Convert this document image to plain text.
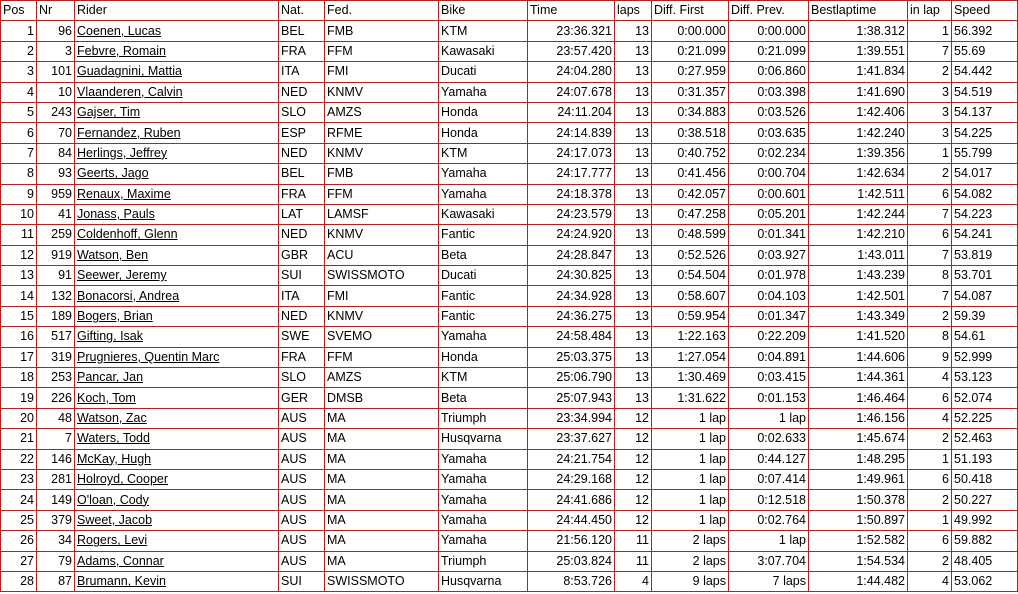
Pos	Nr	Rider	Nat.	Fed.	Bike	Time	laps	Diff. First	Diff. Prev.	Bestlaptime	in lap	Speed
1	96	Coenen, Lucas	BEL	FMB	KTM	23:36.321	13	0:00.000	0:00.000	1:38.312	1	56.392
2	3	Febvre, Romain	FRA	FFM	Kawasaki	23:57.420	13	0:21.099	0:21.099	1:39.551	7	55.69
3	101	Guadagnini, Mattia	ITA	FMI	Ducati	24:04.280	13	0:27.959	0:06.860	1:41.834	2	54.442
4	10	Vlaanderen, Calvin	NED	KNMV	Yamaha	24:07.678	13	0:31.357	0:03.398	1:41.690	3	54.519
5	243	Gajser, Tim	SLO	AMZS	Honda	24:11.204	13	0:34.883	0:03.526	1:42.406	3	54.137
6	70	Fernandez, Ruben	ESP	RFME	Honda	24:14.839	13	0:38.518	0:03.635	1:42.240	3	54.225
7	84	Herlings, Jeffrey	NED	KNMV	KTM	24:17.073	13	0:40.752	0:02.234	1:39.356	1	55.799
8	93	Geerts, Jago	BEL	FMB	Yamaha	24:17.777	13	0:41.456	0:00.704	1:42.634	2	54.017
9	959	Renaux, Maxime	FRA	FFM	Yamaha	24:18.378	13	0:42.057	0:00.601	1:42.511	6	54.082
10	41	Jonass, Pauls	LAT	LAMSF	Kawasaki	24:23.579	13	0:47.258	0:05.201	1:42.244	7	54.223
11	259	Coldenhoff, Glenn	NED	KNMV	Fantic	24:24.920	13	0:48.599	0:01.341	1:42.210	6	54.241
12	919	Watson, Ben	GBR	ACU	Beta	24:28.847	13	0:52.526	0:03.927	1:43.011	7	53.819
13	91	Seewer, Jeremy	SUI	SWISSMOTO	Ducati	24:30.825	13	0:54.504	0:01.978	1:43.239	8	53.701
14	132	Bonacorsi, Andrea	ITA	FMI	Fantic	24:34.928	13	0:58.607	0:04.103	1:42.501	7	54.087
15	189	Bogers, Brian	NED	KNMV	Fantic	24:36.275	13	0:59.954	0:01.347	1:43.349	2	59.39
16	517	Gifting, Isak	SWE	SVEMO	Yamaha	24:58.484	13	1:22.163	0:22.209	1:41.520	8	54.61
17	319	Prugnieres, Quentin Marc	FRA	FFM	Honda	25:03.375	13	1:27.054	0:04.891	1:44.606	9	52.999
18	253	Pancar, Jan	SLO	AMZS	KTM	25:06.790	13	1:30.469	0:03.415	1:44.361	4	53.123
19	226	Koch, Tom	GER	DMSB	Beta	25:07.943	13	1:31.622	0:01.153	1:46.464	6	52.074
20	48	Watson, Zac	AUS	MA	Triumph	23:34.994	12	1 lap	1 lap	1:46.156	4	52.225
21	7	Waters, Todd	AUS	MA	Husqvarna	23:37.627	12	1 lap	0:02.633	1:45.674	2	52.463
22	146	McKay, Hugh	AUS	MA	Yamaha	24:21.754	12	1 lap	0:44.127	1:48.295	1	51.193
23	281	Holroyd, Cooper	AUS	MA	Yamaha	24:29.168	12	1 lap	0:07.414	1:49.961	6	50.418
24	149	O'loan, Cody	AUS	MA	Yamaha	24:41.686	12	1 lap	0:12.518	1:50.378	2	50.227
25	379	Sweet, Jacob	AUS	MA	Yamaha	24:44.450	12	1 lap	0:02.764	1:50.897	1	49.992
26	34	Rogers, Levi	AUS	MA	Yamaha	21:56.120	11	2 laps	1 lap	1:52.582	6	59.882
27	79	Adams, Connar	AUS	MA	Triumph	25:03.824	11	2 laps	3:07.704	1:54.534	2	48.405
28	87	Brumann, Kevin	SUI	SWISSMOTO	Husqvarna	8:53.726	4	9 laps	7 laps	1:44.482	4	53.062
